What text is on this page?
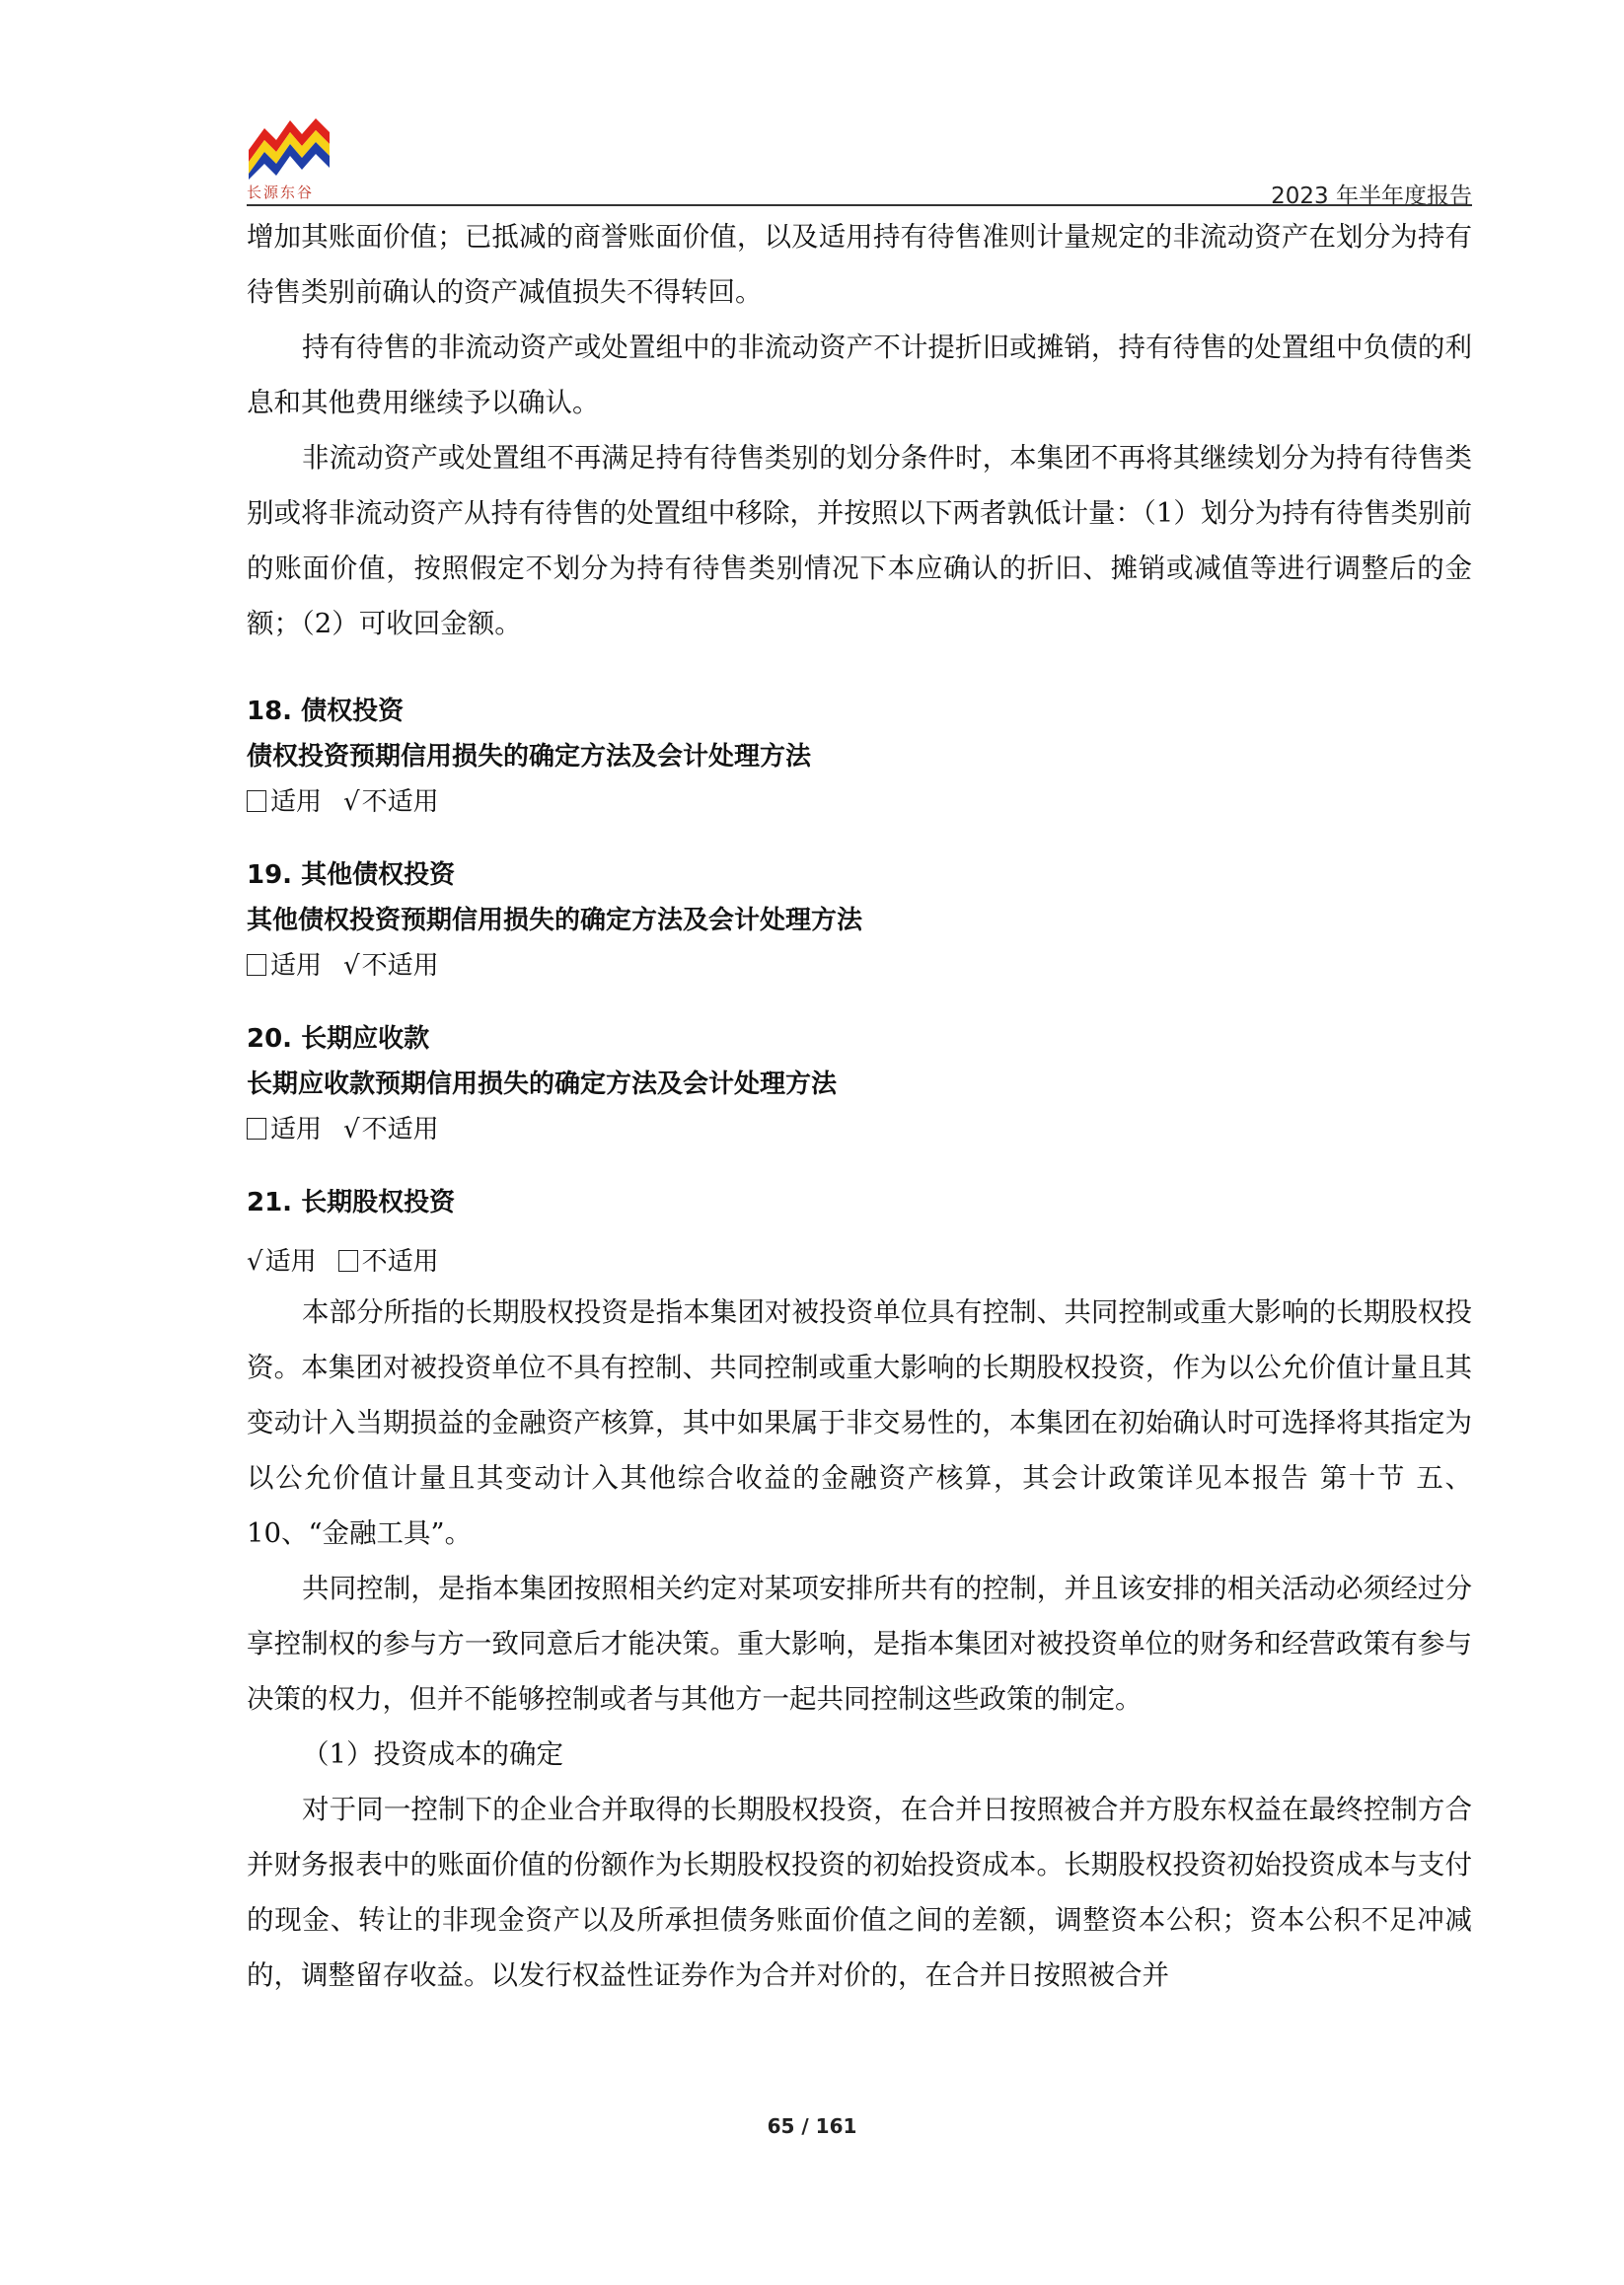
长源东谷	2023 年半年度报告

增加其账面价值；已抵减的商誉账面价值，以及适用持有待售准则计量规定的非流动资产在划分为持有待售类别前确认的资产减值损失不得转回。

持有待售的非流动资产或处置组中的非流动资产不计提折旧或摊销，持有待售的处置组中负债的利息和其他费用继续予以确认。

非流动资产或处置组不再满足持有待售类别的划分条件时，本集团不再将其继续划分为持有待售类别或将非流动资产从持有待售的处置组中移除，并按照以下两者孰低计量：（1）划分为持有待售类别前的账面价值，按照假定不划分为持有待售类别情况下本应确认的折旧、摊销或减值等进行调整后的金额；（2）可收回金额。

18. 债权投资
债权投资预期信用损失的确定方法及会计处理方法
适用 √不适用
19. 其他债权投资
其他债权投资预期信用损失的确定方法及会计处理方法
适用 √不适用
20. 长期应收款
长期应收款预期信用损失的确定方法及会计处理方法
适用 √不适用
21. 长期股权投资
√适用 不适用

本部分所指的长期股权投资是指本集团对被投资单位具有控制、共同控制或重大影响的长期股权投资。本集团对被投资单位不具有控制、共同控制或重大影响的长期股权投资，作为以公允价值计量且其变动计入当期损益的金融资产核算，其中如果属于非交易性的，本集团在初始确认时可选择将其指定为以公允价值计量且其变动计入其他综合收益的金融资产核算，其会计政策详见本报告 第十节 五、10、“金融工具”。

共同控制，是指本集团按照相关约定对某项安排所共有的控制，并且该安排的相关活动必须经过分享控制权的参与方一致同意后才能决策。重大影响，是指本集团对被投资单位的财务和经营政策有参与决策的权力，但并不能够控制或者与其他方一起共同控制这些政策的制定。

（1）投资成本的确定

对于同一控制下的企业合并取得的长期股权投资，在合并日按照被合并方股东权益在最终控制方合并财务报表中的账面价值的份额作为长期股权投资的初始投资成本。长期股权投资初始投资成本与支付的现金、转让的非现金资产以及所承担债务账面价值之间的差额，调整资本公积；资本公积不足冲减的，调整留存收益。以发行权益性证券作为合并对价的，在合并日按照被合并

65 / 161
